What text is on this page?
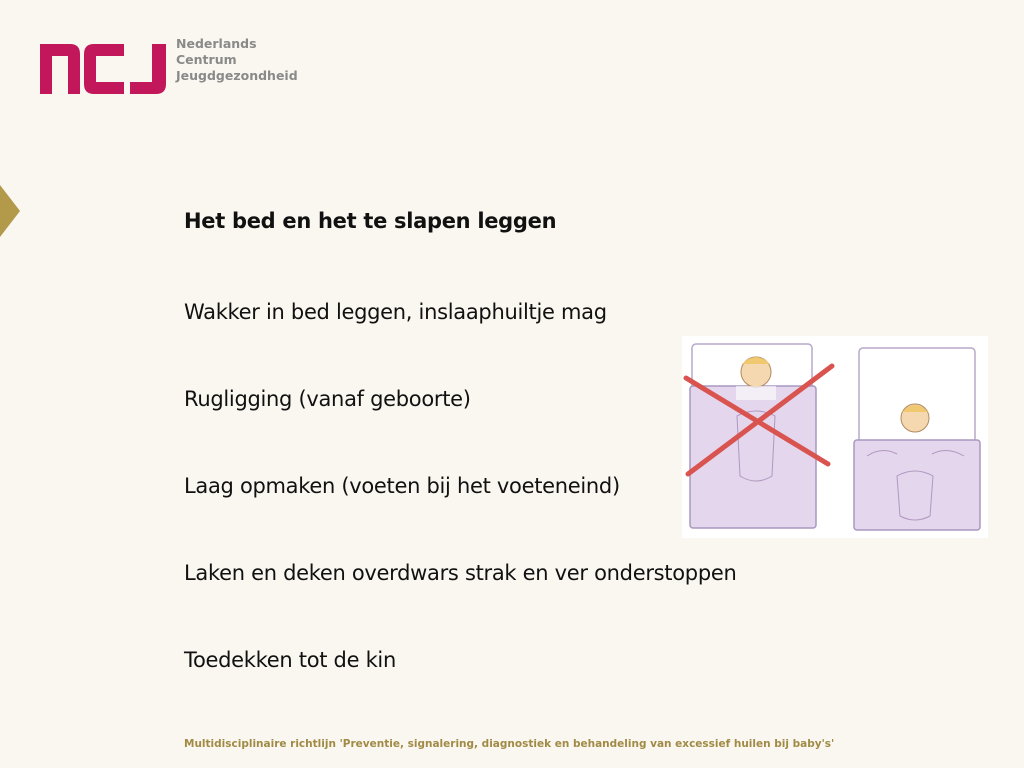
Nederlands
Centrum
Jeugdgezondheid
Het bed en het te slapen leggen
Wakker in bed leggen, inslaaphuiltje mag
Rugligging (vanaf geboorte)
Laag opmaken (voeten bij het voeteneind)
Laken en deken overdwars strak en ver onderstoppen
Toedekken tot de kin
Multidisciplinaire richtlijn 'Preventie, signalering, diagnostiek en behandeling van excessief huilen bij baby's'
